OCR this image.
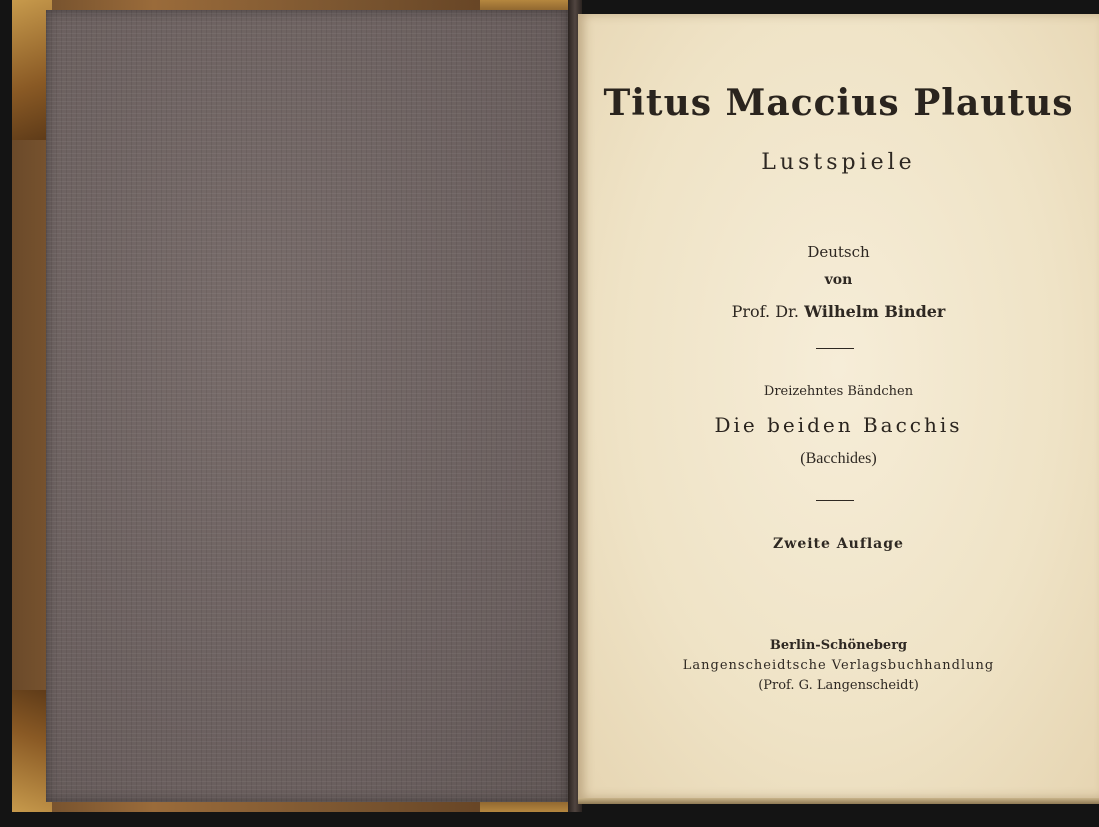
Titus Maccius Plautus
Lustspiele
Deutsch
von
Prof. Dr. Wilhelm Binder
Dreizehntes Bändchen
Die beiden Bacchis
(Bacchides)
Zweite Auflage
Berlin-Schöneberg
Langenscheidtsche Verlagsbuchhandlung
(Prof. G. Langenscheidt)
